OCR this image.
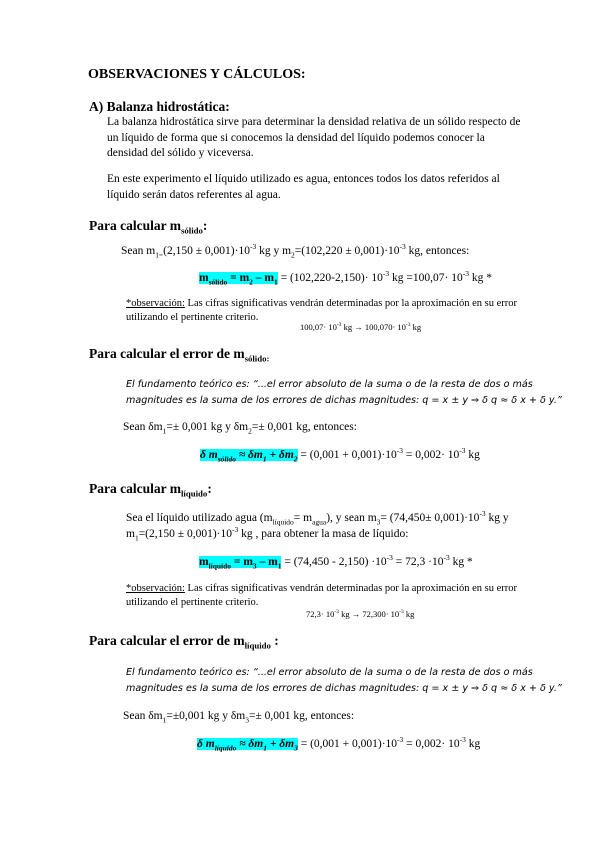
OBSERVACIONES Y CÁLCULOS:
A) Balanza hidrostática:
La balanza hidrostática sirve para determinar la densidad relativa de un sólido respecto de
un líquido de forma que si conocemos la densidad del líquido podemos conocer la
densidad del sólido y viceversa.
En este experimento el líquido utilizado es agua, entonces todos los datos referidos al
líquido serán datos referentes al agua.
Para calcular $m_{sólido}$:
Sean $m_{1=}(2,150 \pm 0,001)\cdot 10^{-3}$ kg y $m_2=(102,220 \pm 0,001)\cdot 10^{-3}$ kg, entonces:
$m_{sólido} = m_2 - m_1 = (102,220-2,150)\cdot 10^{-3}$ kg $=100,07\cdot 10^{-3}$ kg *
*observación: Las cifras significativas vendrán determinadas por la aproximación en su error
utilizando el pertinente criterio.
$100,07\cdot 10^{-3}$ kg → $100,070\cdot 10^{-3}$ kg
Para calcular el error de $m_{sólido:}$
El fundamento teórico es: “...el error absoluto de la suma o de la resta de dos o más
magnitudes es la suma de los errores de dichas magnitudes: q = x ± y ⇒ δ q ≈ δ x + δ y.”
Sean $\delta m_1=\pm 0,001$ kg y $\delta m_2=\pm 0,001$ kg, entonces:
δ $m_{sólido} \approx \delta m_1 + \delta m_2 = (0,001 + 0,001)\cdot 10^{-3} = 0,002\cdot 10^{-3}$ kg
Para calcular $m_{líquido}$:
Sea el líquido utilizado agua $(m_{líquido}= m_{agua})$, y sean $m_3= (74,450\pm 0,001)\cdot 10^{-3}$ kg y
$m_1=(2,150 \pm 0,001)\cdot 10^{-3}$ kg , para obtener la masa de líquido:
$m_{líquido} = m_3 - m_1 = (74,450 - 2,150) \cdot 10^{-3} = 72,3 \cdot 10^{-3}$ kg *
*observación: Las cifras significativas vendrán determinadas por la aproximación en su error
utilizando el pertinente criterio.
$72,3\cdot 10^{-3}$ kg → $72,300\cdot 10^{-3}$ kg
Para calcular el error de $m_{líquido}$ :
El fundamento teórico es: “...el error absoluto de la suma o de la resta de dos o más
magnitudes es la suma de los errores de dichas magnitudes: q = x ± y ⇒ δ q ≈ δ x + δ y.”
Sean $\delta m_1=\pm 0,001$ kg y $\delta m_3=\pm 0,001$ kg, entonces:
δ $m_{líquido} \approx \delta m_1 + \delta m_3 = (0,001 + 0,001)\cdot 10^{-3} = 0,002\cdot 10^{-3}$ kg
